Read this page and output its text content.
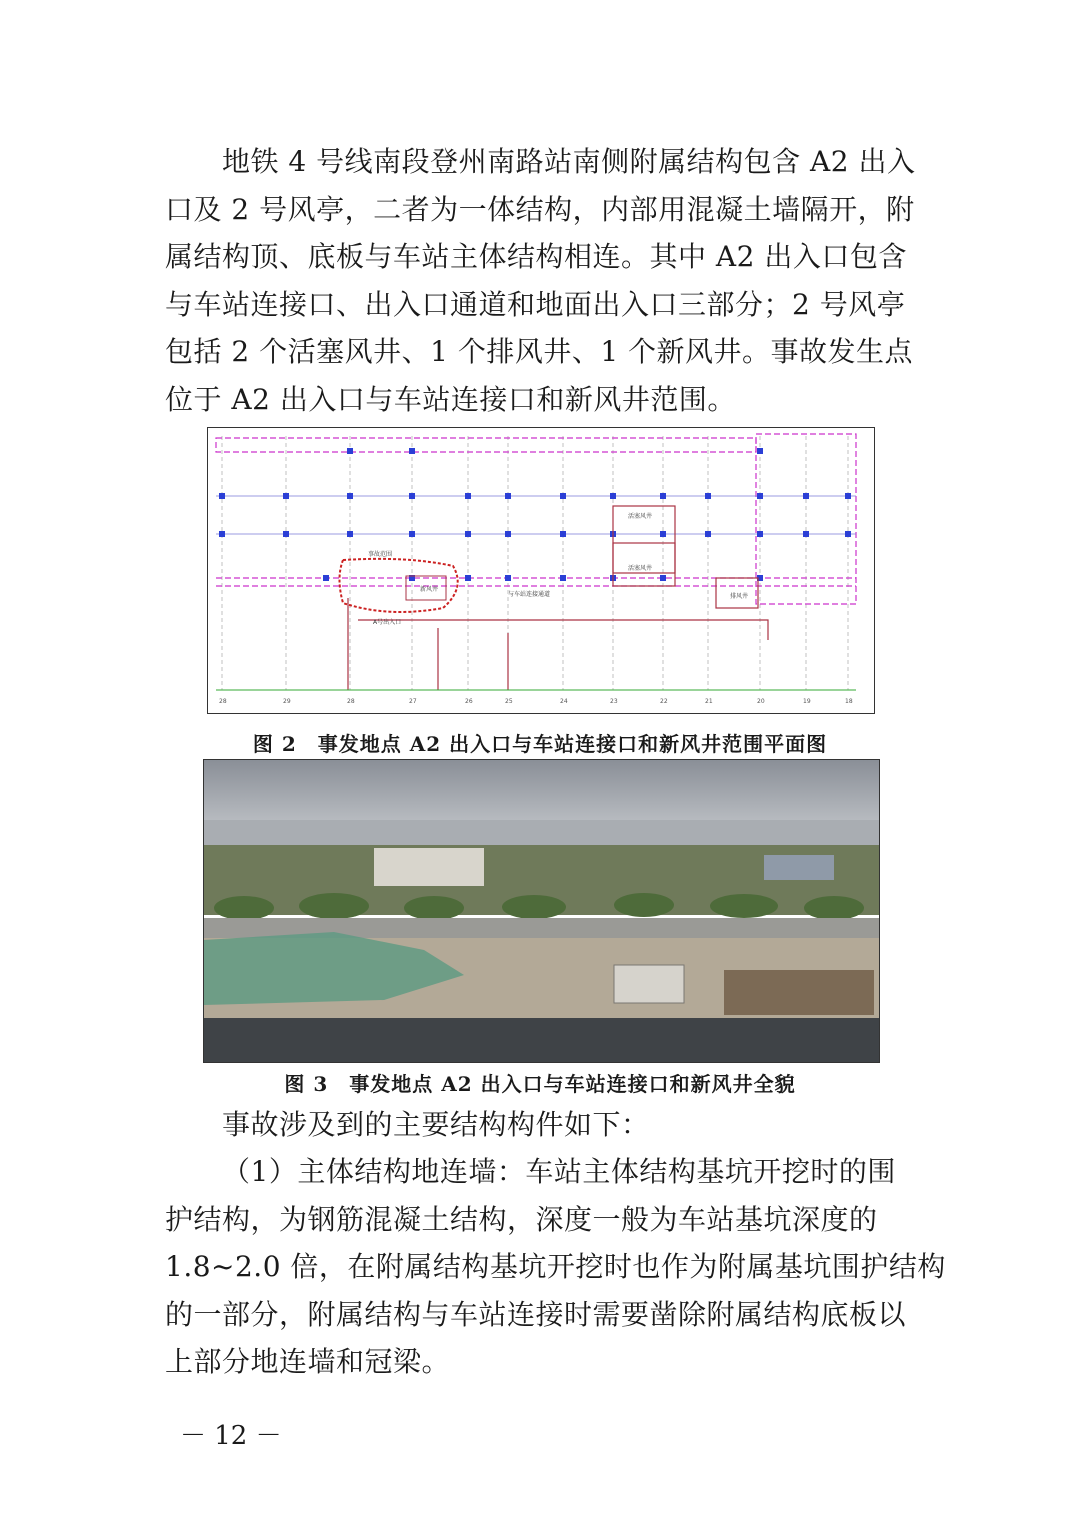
地铁 4 号线南段登州南路站南侧附属结构包含 A2 出入
口及 2 号风亭，二者为一体结构，内部用混凝土墙隔开，附
属结构顶、底板与车站主体结构相连。其中 A2 出入口包含
与车站连接口、出入口通道和地面出入口三部分；2 号风亭
包括 2 个活塞风井、1 个排风井、1 个新风井。事故发生点
位于 A2 出入口与车站连接口和新风井范围。
活塞风井
活塞风井
排风井
新风井
事故范围
A号出入口
与车站连接通道
28	29	28	27	26	25	24	23	22	21	20	19	18
图 2　事发地点 A2 出入口与车站连接口和新风井范围平面图
图 3　事发地点 A2 出入口与车站连接口和新风井全貌
事故涉及到的主要结构构件如下：
（1）主体结构地连墙：车站主体结构基坑开挖时的围
护结构，为钢筋混凝土结构，深度一般为车站基坑深度的
1.8~2.0 倍，在附属结构基坑开挖时也作为附属基坑围护结构
的一部分，附属结构与车站连接时需要凿除附属结构底板以
上部分地连墙和冠梁。
－ 12 －
